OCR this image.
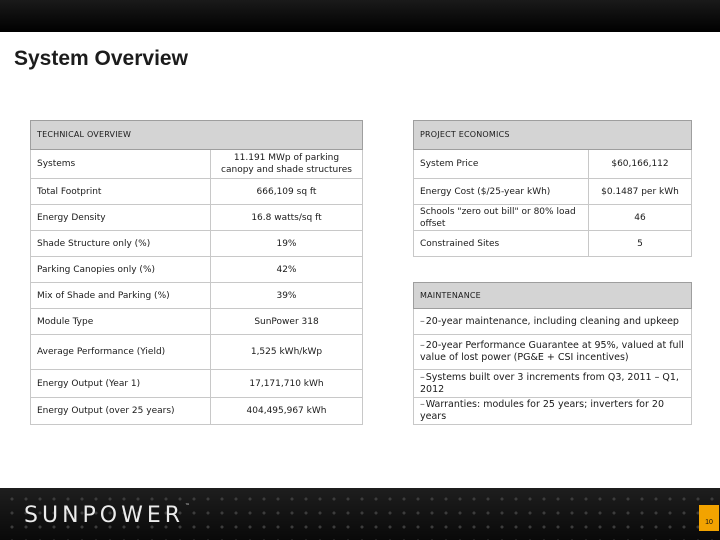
System Overview
TECHNICAL OVERVIEW	
Systems	11.191 MWp of parking canopy and shade structures
Total Footprint	666,109 sq ft
Energy Density	16.8 watts/sq ft
Shade Structure only (%)	19%
Parking Canopies only (%)	42%
Mix of Shade and Parking (%)	39%
Module Type	SunPower 318
Average Performance (Yield)	1,525 kWh/kWp
Energy Output (Year 1)	17,171,710 kWh
Energy Output (over 25 years)	404,495,967 kWh
PROJECT ECONOMICS	
System Price	$60,166,112
Energy Cost ($/25-year kWh)	$0.1487 per kWh
Schools "zero out bill" or 80% load offset	46
Constrained Sites	5
MAINTENANCE
–20-year maintenance, including cleaning and upkeep
–20-year Performance Guarantee at 95%, valued at full value of lost power (PG&E + CSI incentives)
–Systems built over 3 increments from Q3, 2011 – Q1, 2012
–Warranties: modules for 25 years; inverters for 20 years
SUNPOWER™
10
